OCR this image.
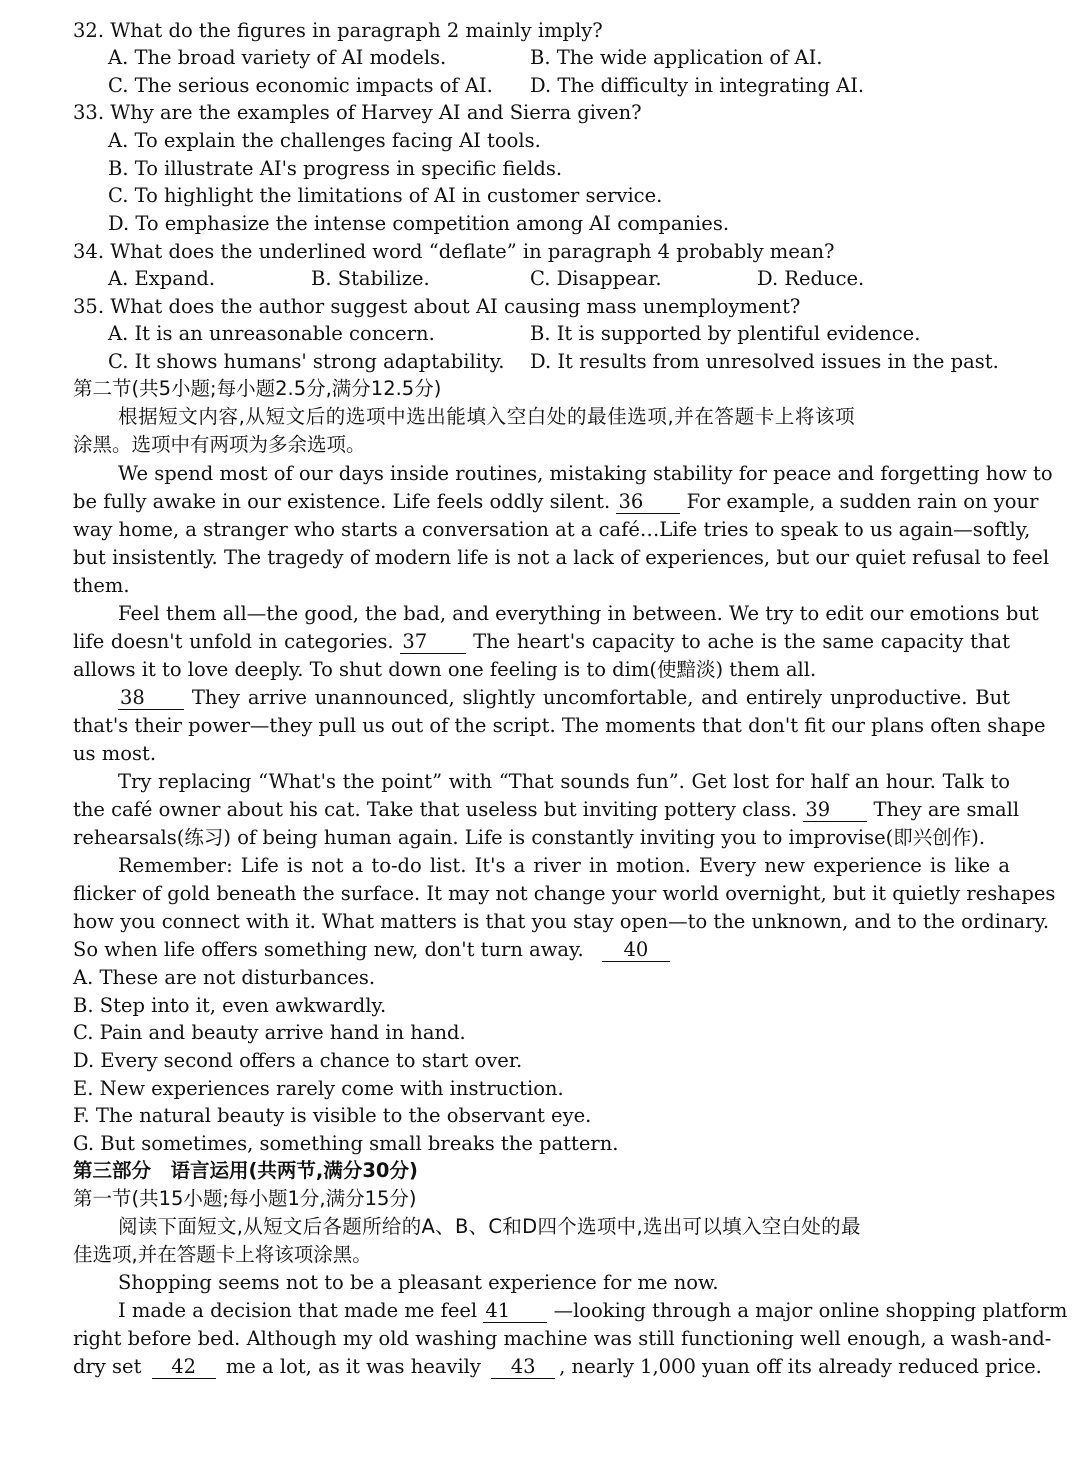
32. What do the figures in paragraph 2 mainly imply?
A. The broad variety of AI models.	B. The wide application of AI.
C. The serious economic impacts of AI. D. The difficulty in integrating AI.
33. Why are the examples of Harvey AI and Sierra given?
A. To explain the challenges facing AI tools.
B. To illustrate AI's progress in specific fields.
C. To highlight the limitations of AI in customer service.
D. To emphasize the intense competition among AI companies.
34. What does the underlined word “deflate” in paragraph 4 probably mean?
A. Expand.	B. Stabilize.	C. Disappear.	D. Reduce.
35. What does the author suggest about AI causing mass unemployment?
A. It is an unreasonable concern.	B. It is supported by plentiful evidence.
C. It shows humans' strong adaptability. D. It results from unresolved issues in the past.
第二节(共5小题;每小题2.5分,满分12.5分)
根据短文内容,从短文后的选项中选出能填入空白处的最佳选项,并在答题卡上将该项
涂黑。选项中有两项为多余选项。
We spend most of our days inside routines, mistaking stability for peace and forgetting how to
be fully awake in our existence. Life feels oddly silent. 36 For example, a sudden rain on your
way home, a stranger who starts a conversation at a café…Life tries to speak to us again—softly,
but insistently. The tragedy of modern life is not a lack of experiences, but our quiet refusal to feel
them.
Feel them all—the good, the bad, and everything in between. We try to edit our emotions but
life doesn't unfold in categories. 37 The heart's capacity to ache is the same capacity that
allows it to love deeply. To shut down one feeling is to dim(使黯淡) them all.
38 They arrive unannounced, slightly uncomfortable, and entirely unproductive. But
that's their power—they pull us out of the script. The moments that don't fit our plans often shape
us most.
Try replacing “What's the point” with “That sounds fun”. Get lost for half an hour. Talk to
the café owner about his cat. Take that useless but inviting pottery class. 39 They are small
rehearsals(练习) of being human again. Life is constantly inviting you to improvise(即兴创作).
Remember: Life is not a to-do list. It's a river in motion. Every new experience is like a
flicker of gold beneath the surface. It may not change your world overnight, but it quietly reshapes
how you connect with it. What matters is that you stay open—to the unknown, and to the ordinary.
So when life offers something new, don't turn away. 40
A. These are not disturbances.
B. Step into it, even awkwardly.
C. Pain and beauty arrive hand in hand.
D. Every second offers a chance to start over.
E. New experiences rarely come with instruction.
F. The natural beauty is visible to the observant eye.
G. But sometimes, something small breaks the pattern.
第三部分　语言运用(共两节,满分30分)
第一节(共15小题;每小题1分,满分15分)
阅读下面短文,从短文后各题所给的A、B、C和D四个选项中,选出可以填入空白处的最
佳选项,并在答题卡上将该项涂黑。
Shopping seems not to be a pleasant experience for me now.
I made a decision that made me feel 41 —looking through a major online shopping platform
right before bed. Although my old washing machine was still functioning well enough, a wash-and-
dry set 42 me a lot, as it was heavily 43 , nearly 1,000 yuan off its already reduced price.
